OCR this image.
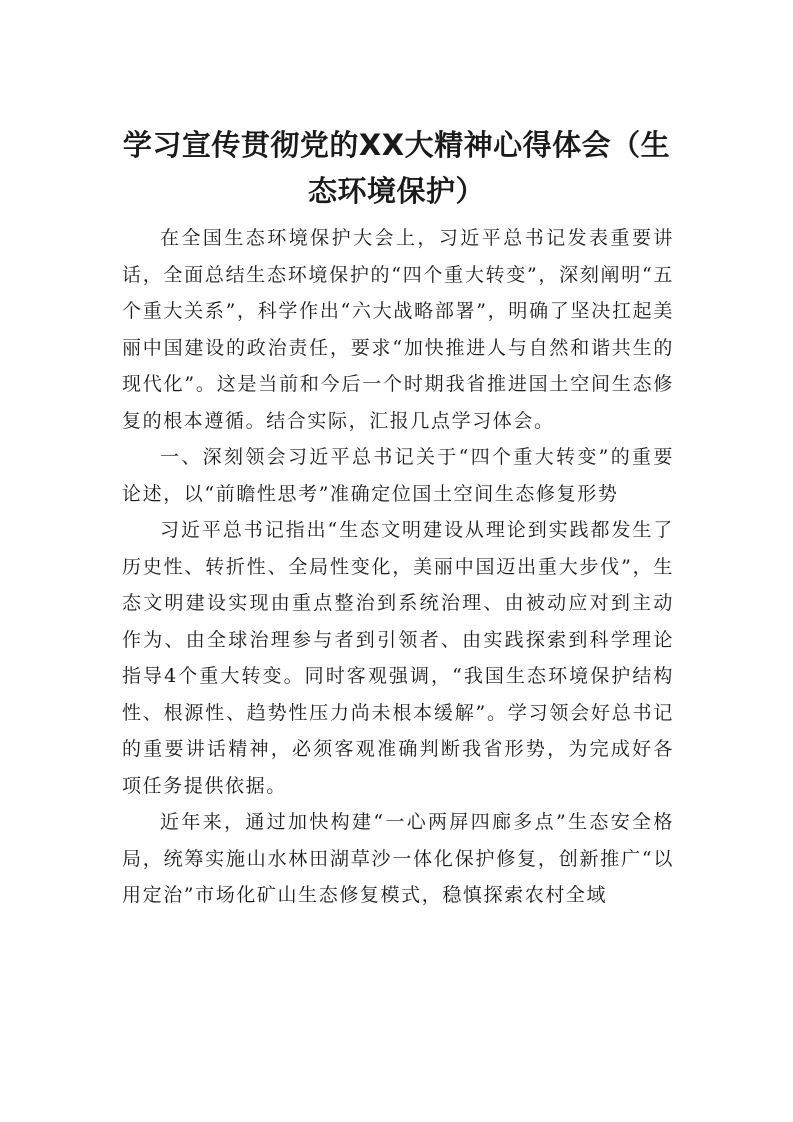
学习宣传贯彻党的XX大精神心得体会（生态环境保护）

在全国生态环境保护大会上，习近平总书记发表重要讲话，全面总结生态环境保护的“四个重大转变”，深刻阐明“五个重大关系”，科学作出“六大战略部署”，明确了坚决扛起美丽中国建设的政治责任，要求“加快推进人与自然和谐共生的现代化”。这是当前和今后一个时期我省推进国土空间生态修复的根本遵循。结合实际，汇报几点学习体会。

一、深刻领会习近平总书记关于“四个重大转变”的重要论述，以“前瞻性思考”准确定位国土空间生态修复形势

习近平总书记指出“生态文明建设从理论到实践都发生了历史性、转折性、全局性变化，美丽中国迈出重大步伐”，生态文明建设实现由重点整治到系统治理、由被动应对到主动作为、由全球治理参与者到引领者、由实践探索到科学理论指导4个重大转变。同时客观强调，“我国生态环境保护结构性、根源性、趋势性压力尚未根本缓解”。学习领会好总书记的重要讲话精神，必须客观准确判断我省形势，为完成好各项任务提供依据。

近年来，通过加快构建“一心两屏四廊多点”生态安全格局，统筹实施山水林田湖草沙一体化保护修复，创新推广“以用定治”市场化矿山生态修复模式，稳慎探索农村全域
